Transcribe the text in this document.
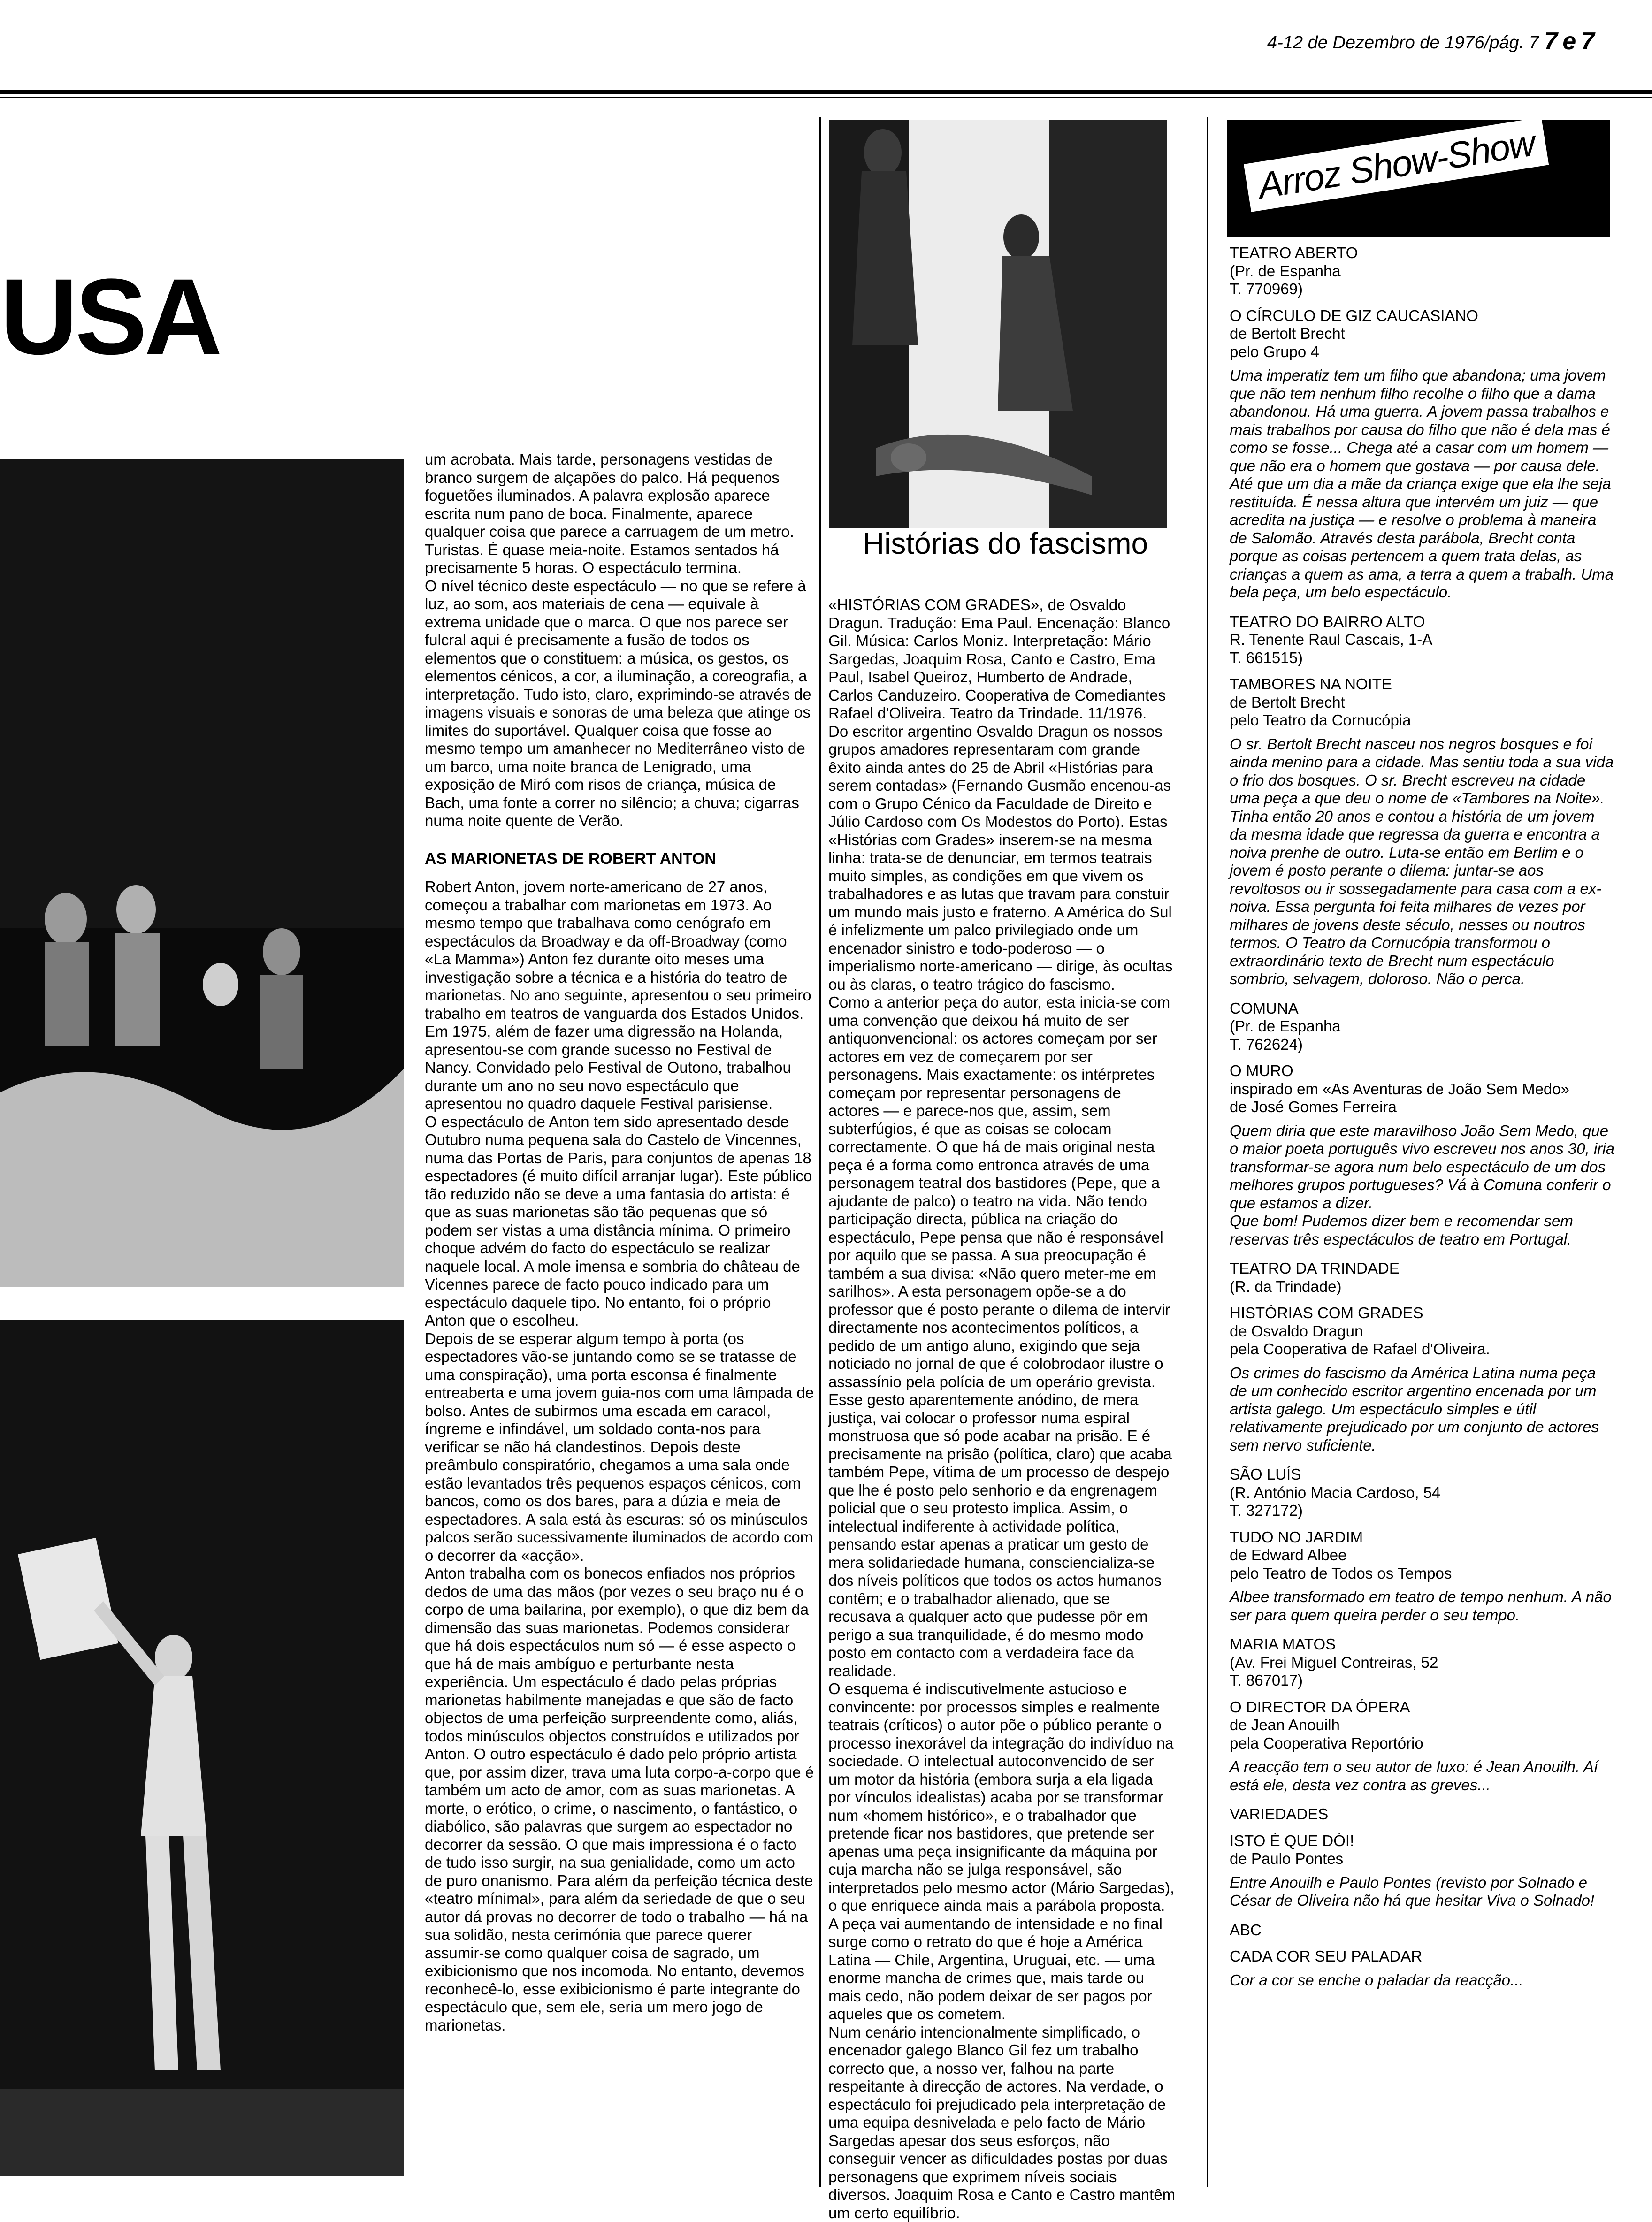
4-12 de Dezembro de 1976/pág. 7 7 e 7
USA

um acrobata. Mais tarde, personagens vestidas de branco surgem de alçapões do palco. Há pequenos foguetões iluminados. A palavra explosão aparece escrita num pano de boca. Finalmente, aparece qualquer coisa que parece a carruagem de um metro. Turistas. É quase meia-noite. Estamos sentados há precisamente 5 horas. O espectáculo termina.

O nível técnico deste espectáculo — no que se refere à luz, ao som, aos materiais de cena — equivale à extrema unidade que o marca. O que nos parece ser fulcral aqui é precisamente a fusão de todos os elementos que o constituem: a música, os gestos, os elementos cénicos, a cor, a iluminação, a coreografia, a interpretação. Tudo isto, claro, exprimindo-se através de imagens visuais e sonoras de uma beleza que atinge os limites do suportável. Qualquer coisa que fosse ao mesmo tempo um amanhecer no Mediterrâneo visto de um barco, uma noite branca de Lenigrado, uma exposição de Miró com risos de criança, música de Bach, uma fonte a correr no silêncio; a chuva; cigarras numa noite quente de Verão.

AS MARIONETAS DE ROBERT ANTON

Robert Anton, jovem norte-americano de 27 anos, começou a trabalhar com marionetas em 1973. Ao mesmo tempo que trabalhava como cenógrafo em espectáculos da Broadway e da off-Broadway (como «La Mamma») Anton fez durante oito meses uma investigação sobre a técnica e a história do teatro de marionetas. No ano seguinte, apresentou o seu primeiro trabalho em teatros de vanguarda dos Estados Unidos. Em 1975, além de fazer uma digressão na Holanda, apresentou-se com grande sucesso no Festival de Nancy. Convidado pelo Festival de Outono, trabalhou durante um ano no seu novo espectáculo que apresentou no quadro daquele Festival parisiense.

O espectáculo de Anton tem sido apresentado desde Outubro numa pequena sala do Castelo de Vincennes, numa das Portas de Paris, para conjuntos de apenas 18 espectadores (é muito difícil arranjar lugar). Este público tão reduzido não se deve a uma fantasia do artista: é que as suas marionetas são tão pequenas que só podem ser vistas a uma distância mínima. O primeiro choque advém do facto do espectáculo se realizar naquele local. A mole imensa e sombria do château de Vicennes parece de facto pouco indicado para um espectáculo daquele tipo. No entanto, foi o próprio Anton que o escolheu.

Depois de se esperar algum tempo à porta (os espectadores vão-se juntando como se se tratasse de uma conspiração), uma porta esconsa é finalmente entreaberta e uma jovem guia-nos com uma lâmpada de bolso. Antes de subirmos uma escada em caracol, íngreme e infindável, um soldado conta-nos para verificar se não há clandestinos. Depois deste preâmbulo conspiratório, chegamos a uma sala onde estão levantados três pequenos espaços cénicos, com bancos, como os dos bares, para a dúzia e meia de espectadores. A sala está às escuras: só os minúsculos palcos serão sucessivamente iluminados de acordo com o decorrer da «acção».

Anton trabalha com os bonecos enfiados nos próprios dedos de uma das mãos (por vezes o seu braço nu é o corpo de uma bailarina, por exemplo), o que diz bem da dimensão das suas marionetas. Podemos considerar que há dois espectáculos num só — é esse aspecto o que há de mais ambíguo e perturbante nesta experiência. Um espectáculo é dado pelas próprias marionetas habilmente manejadas e que são de facto objectos de uma perfeição surpreendente como, aliás, todos minúsculos objectos construídos e utilizados por Anton. O outro espectáculo é dado pelo próprio artista que, por assim dizer, trava uma luta corpo-a-corpo que é também um acto de amor, com as suas marionetas. A morte, o erótico, o crime, o nascimento, o fantástico, o diabólico, são palavras que surgem ao espectador no decorrer da sessão. O que mais impressiona é o facto de tudo isso surgir, na sua genialidade, como um acto de puro onanismo. Para além da perfeição técnica deste «teatro mínimal», para além da seriedade de que o seu autor dá provas no decorrer de todo o trabalho — há na sua solidão, nesta cerimónia que parece querer assumir-se como qualquer coisa de sagrado, um exibicionismo que nos incomoda. No entanto, devemos reconhecê-lo, esse exibicionismo é parte integrante do espectáculo que, sem ele, seria um mero jogo de marionetas.

Histórias do fascismo

«HISTÓRIAS COM GRADES», de Osvaldo Dragun. Tradução: Ema Paul. Encenação: Blanco Gil. Música: Carlos Moniz. Interpretação: Mário Sargedas, Joaquim Rosa, Canto e Castro, Ema Paul, Isabel Queiroz, Humberto de Andrade, Carlos Canduzeiro. Cooperativa de Comediantes Rafael d'Oliveira. Teatro da Trindade. 11/1976.

Do escritor argentino Osvaldo Dragun os nossos grupos amadores representaram com grande êxito ainda antes do 25 de Abril «Histórias para serem contadas» (Fernando Gusmão encenou-as com o Grupo Cénico da Faculdade de Direito e Júlio Cardoso com Os Modestos do Porto). Estas «Histórias com Grades» inserem-se na mesma linha: trata-se de denunciar, em termos teatrais muito simples, as condições em que vivem os trabalhadores e as lutas que travam para constuir um mundo mais justo e fraterno. A América do Sul é infelizmente um palco privilegiado onde um encenador sinistro e todo-poderoso — o imperialismo norte-americano — dirige, às ocultas ou às claras, o teatro trágico do fascismo.

Como a anterior peça do autor, esta inicia-se com uma convenção que deixou há muito de ser antiquonvencional: os actores começam por ser actores em vez de começarem por ser personagens. Mais exactamente: os intérpretes começam por representar personagens de actores — e parece-nos que, assim, sem subterfúgios, é que as coisas se colocam correctamente. O que há de mais original nesta peça é a forma como entronca através de uma personagem teatral dos bastidores (Pepe, que a ajudante de palco) o teatro na vida. Não tendo participação directa, pública na criação do espectáculo, Pepe pensa que não é responsável por aquilo que se passa. A sua preocupação é também a sua divisa: «Não quero meter-me em sarilhos». A esta personagem opõe-se a do professor que é posto perante o dilema de intervir directamente nos acontecimentos políticos, a pedido de um antigo aluno, exigindo que seja noticiado no jornal de que é colobrodaor ilustre o assassínio pela polícia de um operário grevista. Esse gesto aparentemente anódino, de mera justiça, vai colocar o professor numa espiral monstruosa que só pode acabar na prisão. E é precisamente na prisão (política, claro) que acaba também Pepe, vítima de um processo de despejo que lhe é posto pelo senhorio e da engrenagem policial que o seu protesto implica. Assim, o intelectual indiferente à actividade política, pensando estar apenas a praticar um gesto de mera solidariedade humana, consciencializa-se dos níveis políticos que todos os actos humanos contêm; e o trabalhador alienado, que se recusava a qualquer acto que pudesse pôr em perigo a sua tranquilidade, é do mesmo modo posto em contacto com a verdadeira face da realidade.

O esquema é indiscutivelmente astucioso e convincente: por processos simples e realmente teatrais (críticos) o autor põe o público perante o processo inexorável da integração do indivíduo na sociedade. O intelectual autoconvencido de ser um motor da história (embora surja a ela ligada por vínculos idealistas) acaba por se transformar num «homem histórico», e o trabalhador que pretende ficar nos bastidores, que pretende ser apenas uma peça insignificante da máquina por cuja marcha não se julga responsável, são interpretados pelo mesmo actor (Mário Sargedas), o que enriquece ainda mais a parábola proposta.

A peça vai aumentando de intensidade e no final surge como o retrato do que é hoje a América Latina — Chile, Argentina, Uruguai, etc. — uma enorme mancha de crimes que, mais tarde ou mais cedo, não podem deixar de ser pagos por aqueles que os cometem.

Num cenário intencionalmente simplificado, o encenador galego Blanco Gil fez um trabalho correcto que, a nosso ver, falhou na parte respeitante à direcção de actores. Na verdade, o espectáculo foi prejudicado pela interpretação de uma equipa desnivelada e pelo facto de Mário Sargedas apesar dos seus esforços, não conseguir vencer as dificuldades postas por duas personagens que exprimem níveis sociais diversos. Joaquim Rosa e Canto e Castro mantêm um certo equilíbrio.

Arroz Show-Show

TEATRO ABERTO
(Pr. de Espanha
T. 770969)

O CÍRCULO DE GIZ CAUCASIANO
de Bertolt Brecht
pelo Grupo 4

Uma imperatiz tem um filho que abandona; uma jovem que não tem nenhum filho recolhe o filho que a dama abandonou. Há uma guerra. A jovem passa trabalhos e mais trabalhos por causa do filho que não é dela mas é como se fosse... Chega até a casar com um homem — que não era o homem que gostava — por causa dele. Até que um dia a mãe da criança exige que ela lhe seja restituída. É nessa altura que intervém um juiz — que acredita na justiça — e resolve o problema à maneira de Salomão. Através desta parábola, Brecht conta porque as coisas pertencem a quem trata delas, as crianças a quem as ama, a terra a quem a trabalh. Uma bela peça, um belo espectáculo.

TEATRO DO BAIRRO ALTO
R. Tenente Raul Cascais, 1-A
T. 661515)

TAMBORES NA NOITE
de Bertolt Brecht
pelo Teatro da Cornucópia

O sr. Bertolt Brecht nasceu nos negros bosques e foi ainda menino para a cidade. Mas sentiu toda a sua vida o frio dos bosques. O sr. Brecht escreveu na cidade uma peça a que deu o nome de «Tambores na Noite». Tinha então 20 anos e contou a história de um jovem da mesma idade que regressa da guerra e encontra a noiva prenhe de outro. Luta-se então em Berlim e o jovem é posto perante o dilema: juntar-se aos revoltosos ou ir sossegadamente para casa com a ex-noiva. Essa pergunta foi feita milhares de vezes por milhares de jovens deste século, nesses ou noutros termos. O Teatro da Cornucópia transformou o extraordinário texto de Brecht num espectáculo sombrio, selvagem, doloroso. Não o perca.

COMUNA
(Pr. de Espanha
T. 762624)

O MURO
inspirado em «As Aventuras de João Sem Medo»
de José Gomes Ferreira

Quem diria que este maravilhoso João Sem Medo, que o maior poeta português vivo escreveu nos anos 30, iria transformar-se agora num belo espectáculo de um dos melhores grupos portugueses? Vá à Comuna conferir o que estamos a dizer.
Que bom! Pudemos dizer bem e recomendar sem reservas três espectáculos de teatro em Portugal.

TEATRO DA TRINDADE
(R. da Trindade)

HISTÓRIAS COM GRADES
de Osvaldo Dragun
pela Cooperativa de Rafael d'Oliveira.

Os crimes do fascismo da América Latina numa peça de um conhecido escritor argentino encenada por um artista galego. Um espectáculo simples e útil relativamente prejudicado por um conjunto de actores sem nervo suficiente.

SÃO LUÍS
(R. António Macia Cardoso, 54
T. 327172)

TUDO NO JARDIM
de Edward Albee
pelo Teatro de Todos os Tempos

Albee transformado em teatro de tempo nenhum. A não ser para quem queira perder o seu tempo.

MARIA MATOS
(Av. Frei Miguel Contreiras, 52
T. 867017)

O DIRECTOR DA ÓPERA
de Jean Anouilh
pela Cooperativa Reportório

A reacção tem o seu autor de luxo: é Jean Anouilh. Aí está ele, desta vez contra as greves...

VARIEDADES

ISTO É QUE DÓI!
de Paulo Pontes

Entre Anouilh e Paulo Pontes (revisto por Solnado e César de Oliveira não há que hesitar Viva o Solnado!

ABC

CADA COR SEU PALADAR

Cor a cor se enche o paladar da reacção...
